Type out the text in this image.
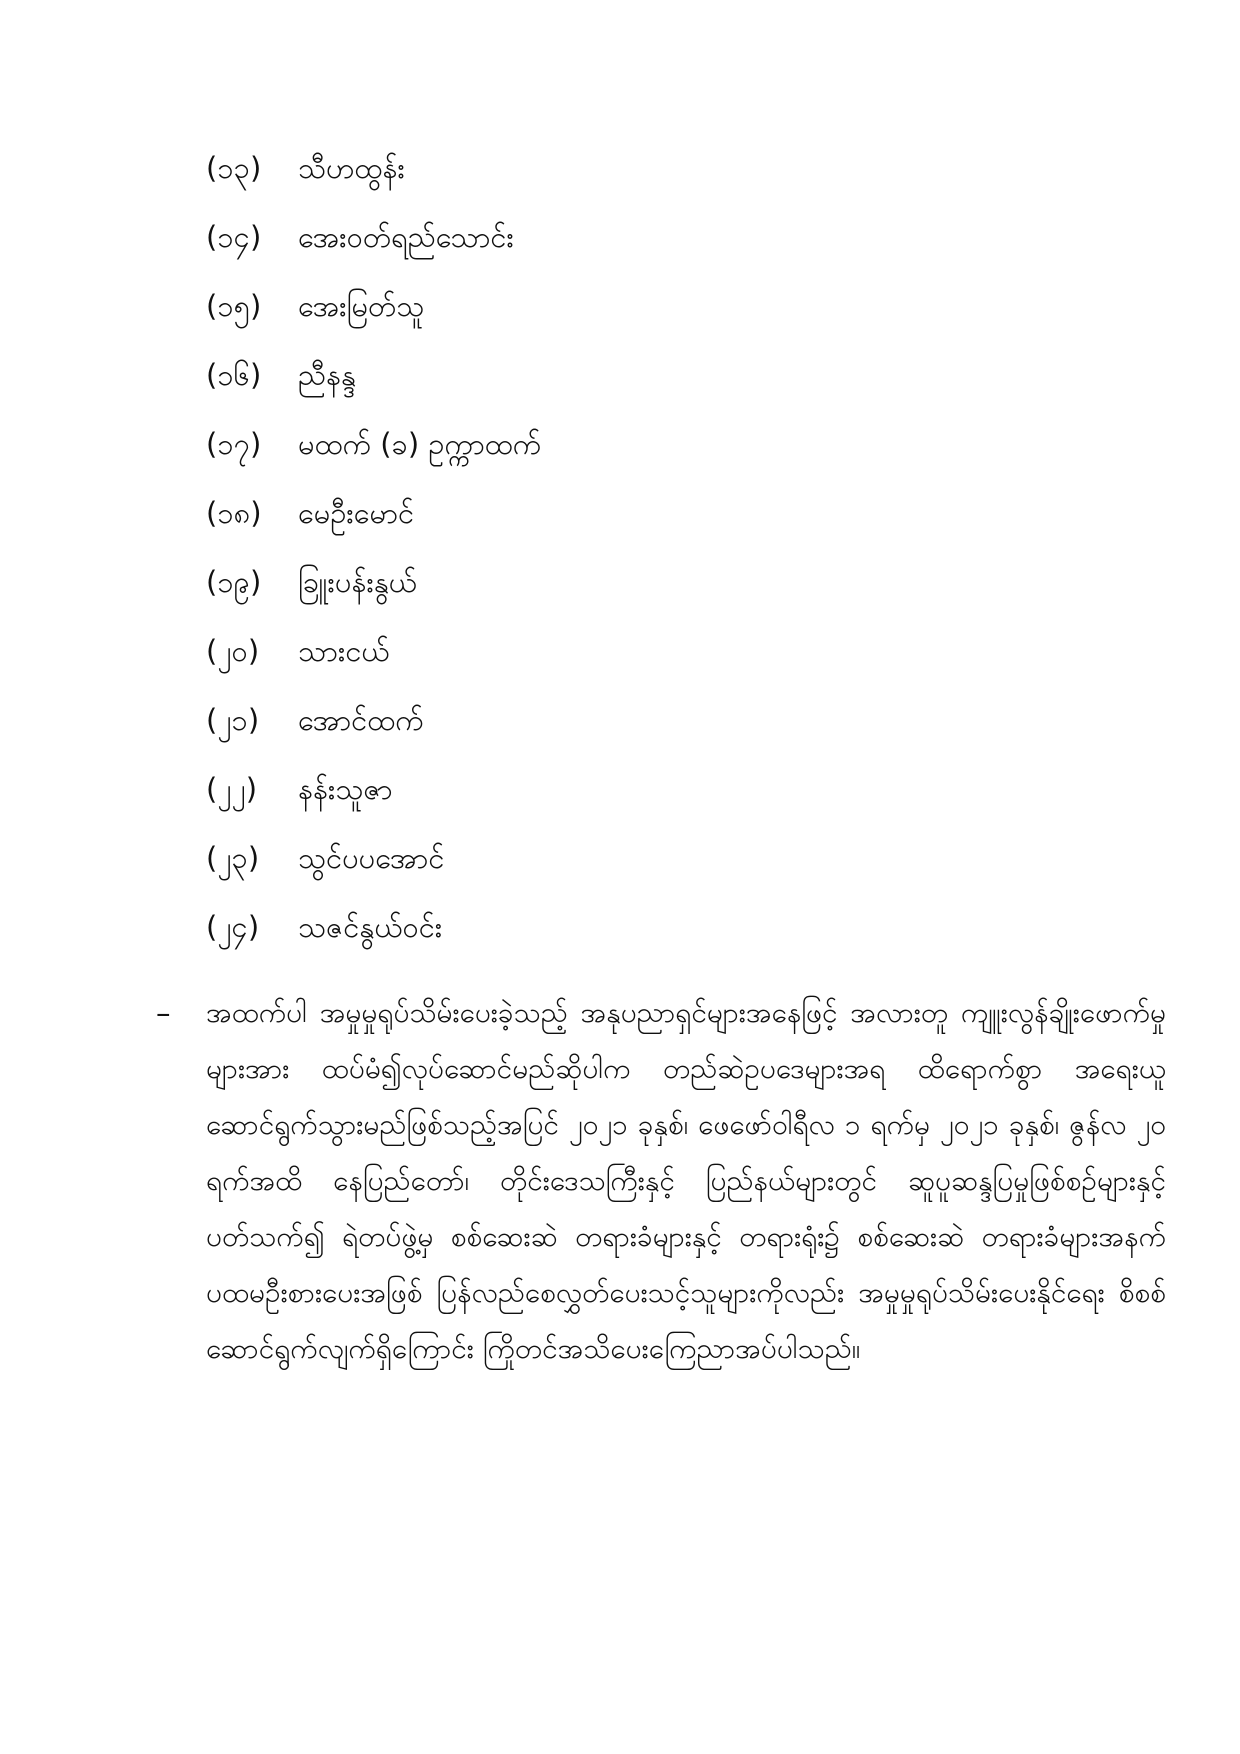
(၁၃)	သီဟထွန်း
(၁၄)	အေးဝတ်ရည်သောင်း
(၁၅)	အေးမြတ်သူ
(၁၆)	ညီနန္ဒ
(၁၇)	မထက် (ခ) ဥက္ကာထက်
(၁၈)	မေဦးမောင်
(၁၉)	ခြူးပန်းနွယ်
(၂၀)	သားငယ်
(၂၁)	အောင်ထက်
(၂၂)	နန်းသူဇာ
(၂၃)	သွင်ပပအောင်
(၂၄)	သဇင်နွယ်ဝင်း
–	အထက်ပါ အမှုမှုရုပ်သိမ်းပေးခဲ့သည့် အနုပညာရှင်များအနေဖြင့် အလားတူ ကျူးလွန်ချိုးဖောက်မှုများအား ထပ်မံ၍လုပ်ဆောင်မည်ဆိုပါက တည်ဆဲဥပဒေများအရ ထိရောက်စွာ အရေးယူဆောင်ရွက်သွားမည်ဖြစ်သည့်အပြင် ၂၀၂၁ ခုနှစ်၊ ဖေဖော်ဝါရီလ ၁ ရက်မှ ၂၀၂၁ ခုနှစ်၊ ဇွန်လ ၂၀ ရက်အထိ နေပြည်တော်၊ တိုင်းဒေသကြီးနှင့် ပြည်နယ်များတွင် ဆူပူဆန္ဒပြမှုဖြစ်စဉ်များနှင့် ပတ်သက်၍ ရဲတပ်ဖွဲ့မှ စစ်ဆေးဆဲ တရားခံများနှင့် တရားရုံး၌ စစ်ဆေးဆဲ တရားခံများအနက် ပထမဦးစားပေးအဖြစ် ပြန်လည်စေလွှတ်ပေးသင့်သူများကိုလည်း အမှုမှုရုပ်သိမ်းပေးနိုင်ရေး စိစစ်ဆောင်ရွက်လျက်ရှိကြောင်း ကြိုတင်အသိပေးကြေညာအပ်ပါသည်။
